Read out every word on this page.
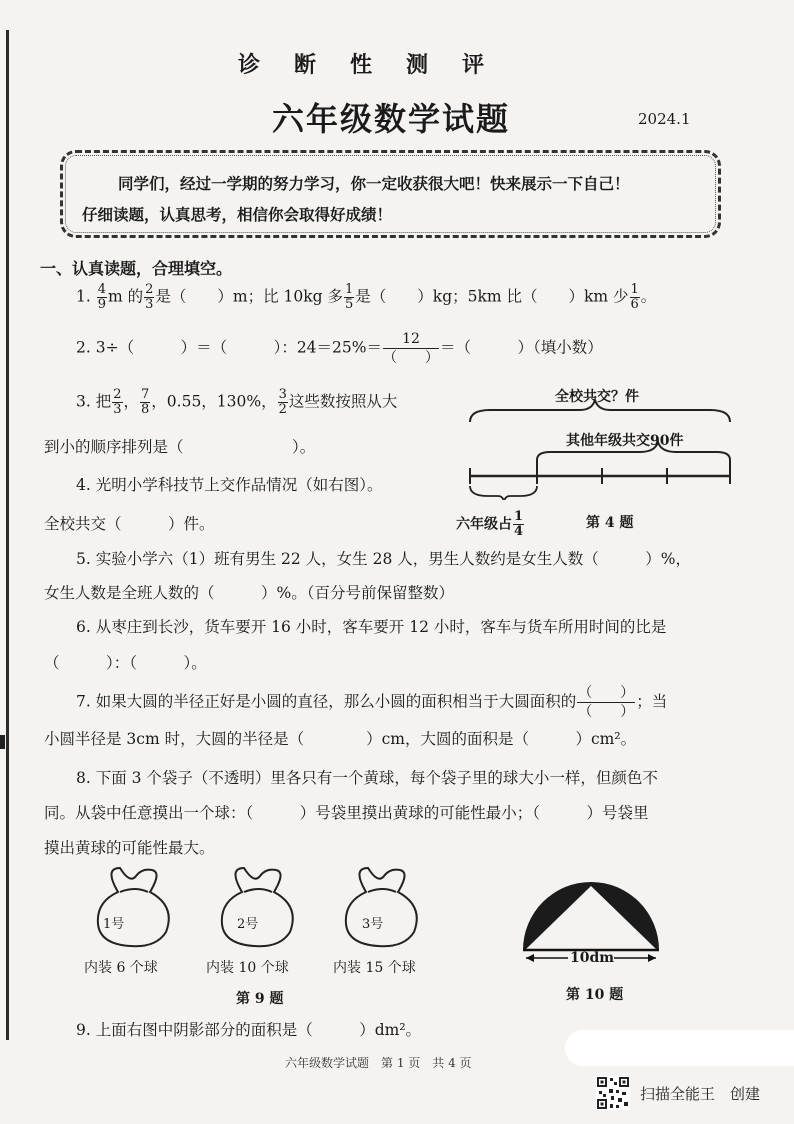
诊断性测评
六年级数学试题	2024.1
同学们，经过一学期的努力学习，你一定收获很大吧！快来展示一下自己！
仔细读题，认真思考，相信你会取得好成绩！
一、认真读题，合理填空。
1. $\frac{4}{9}$ m 的 $\frac{2}{3}$ 是（　　）m；比 10kg 多 $\frac{1}{5}$ 是（　　）kg；5km 比（　　）km 少 $\frac{1}{6}$ 。
2. 3÷（　　　）＝（　　　）：$24=25\%= \frac{12}{( )}$ ＝（　　　）（填小数）
3. 把 $\frac{2}{3}$ ， $\frac{7}{8}$ ，0.55，130%， $\frac{3}{2}$ 这些数按照从大
到小的顺序排列是（　　　　　　　）。
4. 光明小学科技节上交作品情况（如右图）。
全校共交（　　　）件。
全校共交？件
其他年级共交90件
六年级占 $\frac{1}{4}$	第 4 题
5. 实验小学六（1）班有男生 22 人，女生 28 人，男生人数约是女生人数（　　　）%，
女生人数是全班人数的（　　　）%。（百分号前保留整数）
6. 从枣庄到长沙，货车要开 16 小时，客车要开 12 小时，客车与货车所用时间的比是
（　　　）：（　　　）。
7. 如果大圆的半径正好是小圆的直径，那么小圆的面积相当于大圆面积的 $\frac{( )}{( )}$ ；当
小圆半径是 3cm 时，大圆的半径是（　　　　）cm，大圆的面积是（　　　）cm²。
8. 下面 3 个袋子（不透明）里各只有一个黄球，每个袋子里的球大小一样，但颜色不
同。从袋中任意摸出一个球：（　　　）号袋里摸出黄球的可能性最小；（　　　）号袋里
摸出黄球的可能性最大。
1号
内装 6 个球
2号
内装 10 个球
3号
内装 15 个球
第 9 题
10dm
第 10 题
9. 上面右图中阴影部分的面积是（　　　）dm²。
六年级数学试题　第 1 页　共 4 页
扫描全能王　创建
